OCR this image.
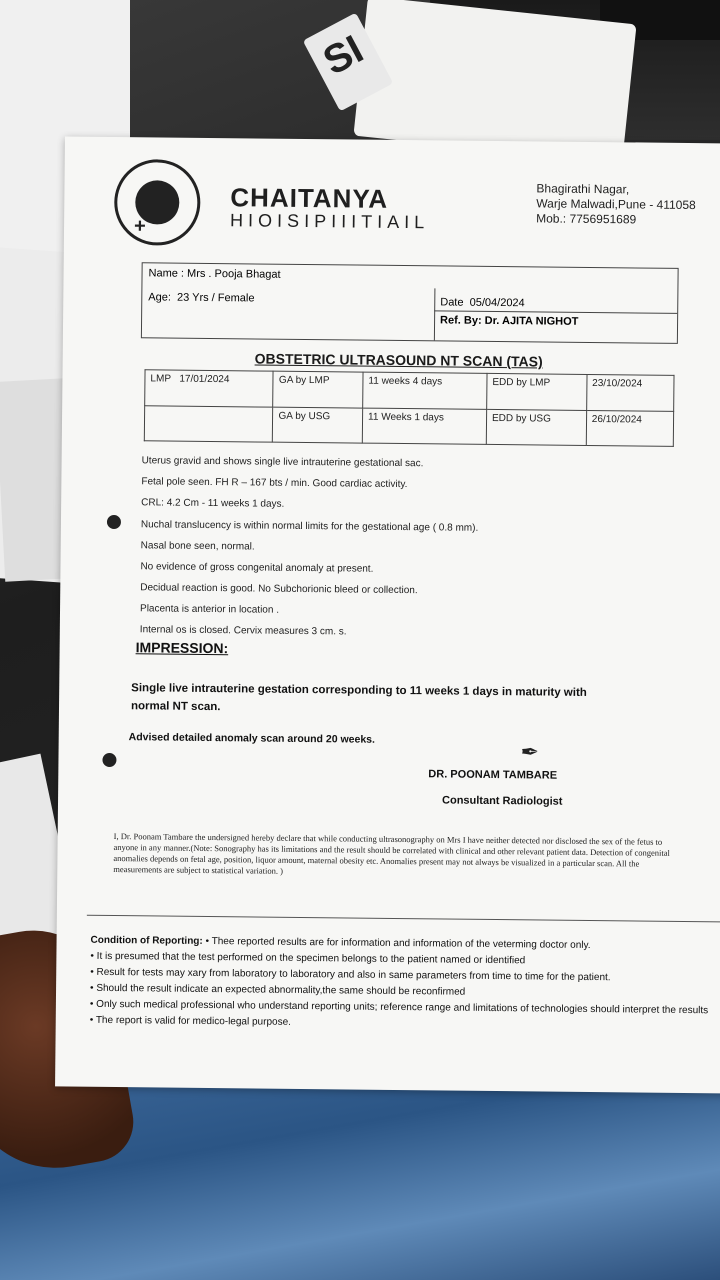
SI
+
CHAITANYA
HIOISIPIIITIAIL
Bhagirathi Nagar,
Warje Malwadi,Pune - 411058
Mob.: 7756951689
Name : Mrs . Pooja Bhagat
Age:  23 Yrs / Female	Date 05/04/2024
Ref. By: Dr. AJITA NIGHOT
OBSTETRIC ULTRASOUND NT SCAN (TAS)
LMP 17/01/2024	GA by LMP	11 weeks 4 days	EDD by LMP	23/10/2024
	GA by USG	11 Weeks 1 days	EDD by USG	26/10/2024
Uterus gravid and shows single live intrauterine gestational sac.
Fetal pole seen. FH R – 167 bts / min. Good cardiac activity.
CRL: 4.2 Cm - 11 weeks 1 days.
Nuchal translucency is within normal limits for the gestational age ( 0.8 mm).
Nasal bone seen, normal.
No evidence of gross congenital anomaly at present.
Decidual reaction is good. No Subchorionic bleed or collection.
Placenta is anterior in location .
Internal os is closed. Cervix measures 3 cm. s.
IMPRESSION:
Single live intrauterine gestation corresponding to 11 weeks 1 days in maturity with
normal NT scan.
Advised detailed anomaly scan around 20 weeks.
✒
DR. POONAM TAMBARE
Consultant Radiologist
I, Dr. Poonam Tambare the undersigned hereby declare that while conducting ultrasonography on Mrs I have neither detected nor disclosed the sex of the fetus to anyone in any manner.(Note: Sonography has its limitations and the result should be correlated with clinical and other relevant patient data. Detection of congenital anomalies depends on fetal age, position, liquor amount, maternal obesity etc. Anomalies present may not always be visualized in a particular scan. All the measurements are subject to statistical variation. )
Condition of Reporting: • Thee reported results are for information and information of the veterming doctor only.
• It is presumed that the test performed on the specimen belongs to the patient named or identified
• Result for tests may xary from laboratory to laboratory and also in same parameters from time to time for the patient.
• Should the result indicate an expected abnormality,the same should be reconfirmed
• Only such medical professional who understand reporting units; reference range and limitations of technologies should interpret the results
• The report is valid for medico-legal purpose.
Shot on OnePlus Powered by Triple Camera
